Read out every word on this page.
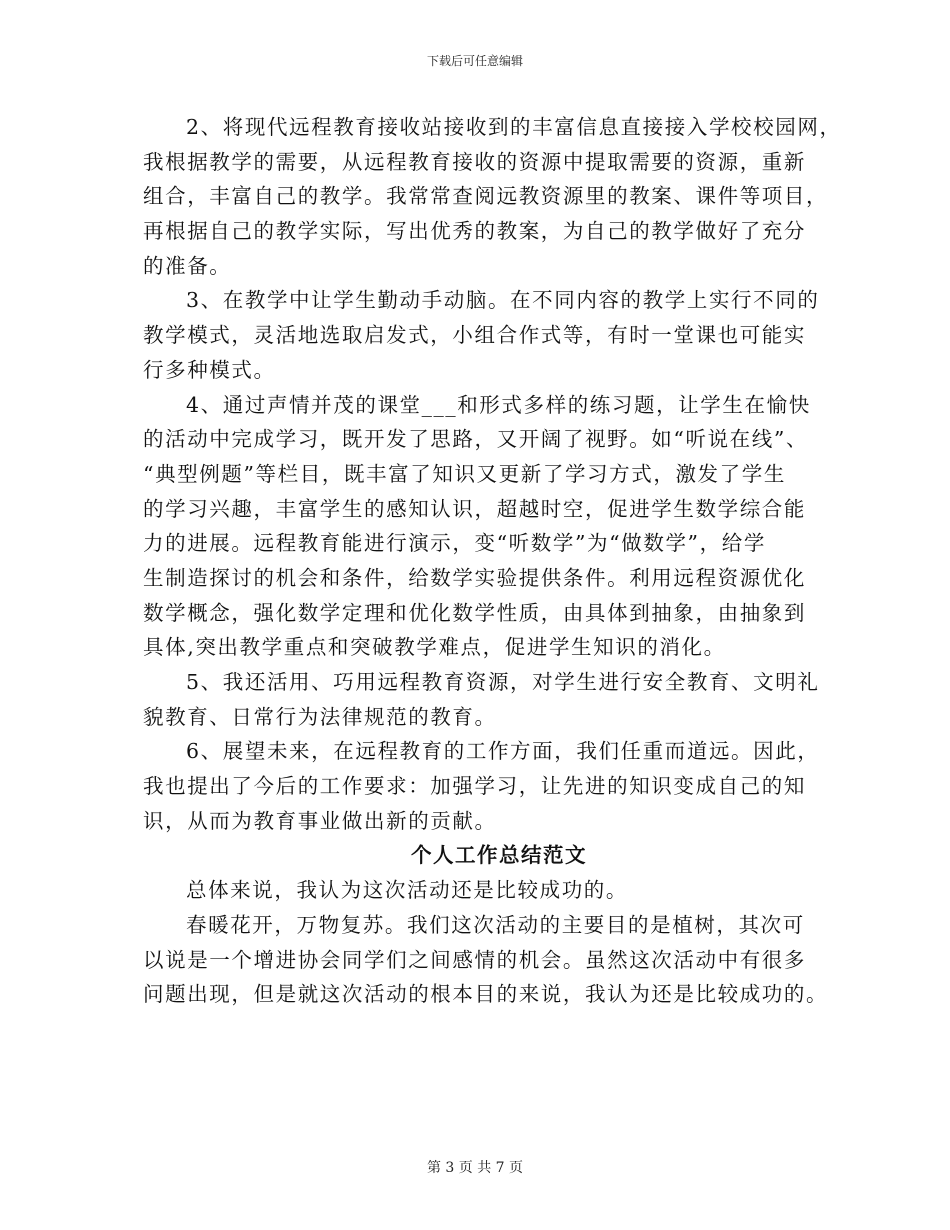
下载后可任意编辑
2、将现代远程教育接收站接收到的丰富信息直接接入学校校园网，
我根据教学的需要，从远程教育接收的资源中提取需要的资源，重新
组合，丰富自己的教学。我常常查阅远教资源里的教案、课件等项目，
再根据自己的教学实际，写出优秀的教案，为自己的教学做好了充分
的准备。
3、在教学中让学生勤动手动脑。在不同内容的教学上实行不同的
教学模式，灵活地选取启发式，小组合作式等，有时一堂课也可能实
行多种模式。
4、通过声情并茂的课堂___和形式多样的练习题，让学生在愉快
的活动中完成学习，既开发了思路，又开阔了视野。如“听说在线”、
“典型例题”等栏目，既丰富了知识又更新了学习方式，激发了学生
的学习兴趣，丰富学生的感知认识，超越时空，促进学生数学综合能
力的进展。远程教育能进行演示，变“听数学”为“做数学”，给学
生制造探讨的机会和条件，给数学实验提供条件。利用远程资源优化
数学概念，强化数学定理和优化数学性质，由具体到抽象，由抽象到
具体,突出教学重点和突破教学难点，促进学生知识的消化。
5、我还活用、巧用远程教育资源，对学生进行安全教育、文明礼
貌教育、日常行为法律规范的教育。
6、展望未来，在远程教育的工作方面，我们任重而道远。因此，
我也提出了今后的工作要求：加强学习，让先进的知识变成自己的知
识，从而为教育事业做出新的贡献。
个人工作总结范文
总体来说，我认为这次活动还是比较成功的。
春暖花开，万物复苏。我们这次活动的主要目的是植树，其次可
以说是一个增进协会同学们之间感情的机会。虽然这次活动中有很多
问题出现，但是就这次活动的根本目的来说，我认为还是比较成功的。
第 3 页 共 7 页
